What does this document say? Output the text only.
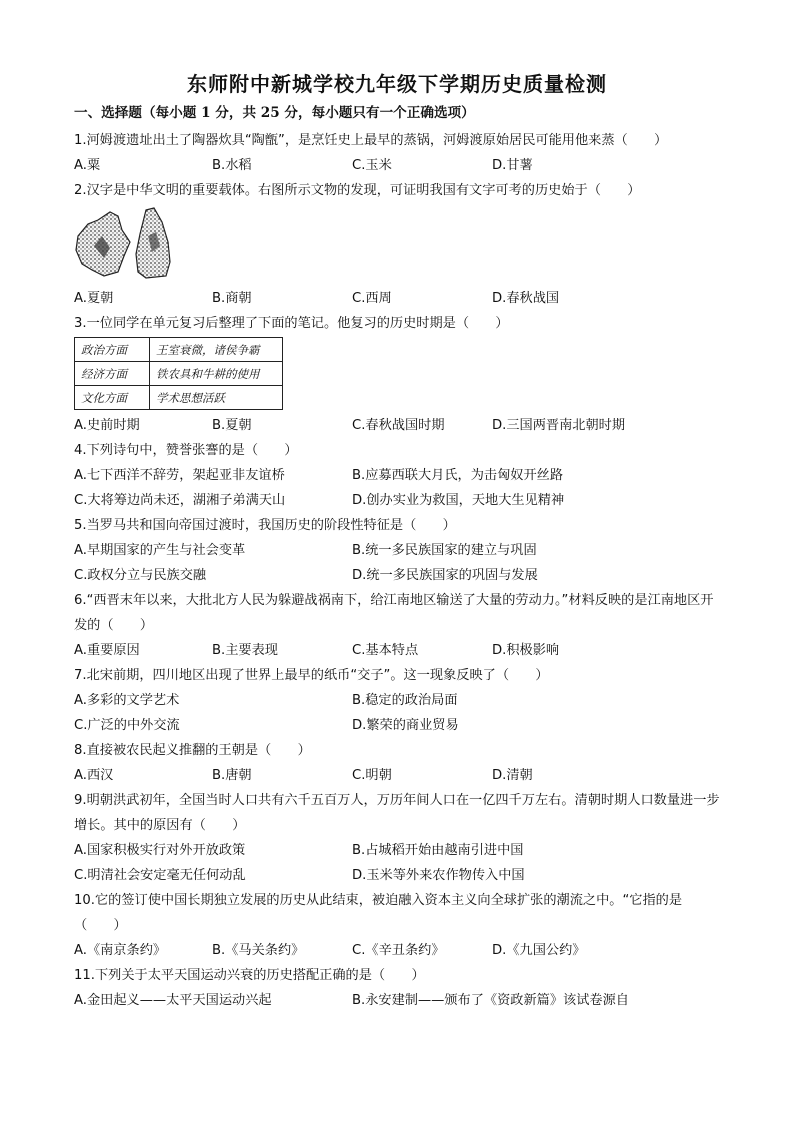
东师附中新城学校九年级下学期历史质量检测
一、选择题（每小题 1 分，共 25 分，每小题只有一个正确选项）
1.河姆渡遗址出土了陶器炊具“陶甑”，是烹饪史上最早的蒸锅，河姆渡原始居民可能用他来蒸（　　）
A.粟	B.水稻	C.玉米	D.甘薯
2.汉字是中华文明的重要载体。右图所示文物的发现，可证明我国有文字可考的历史始于（　　）
A.夏朝	B.商朝	C.西周	D.春秋战国
3.一位同学在单元复习后整理了下面的笔记。他复习的历史时期是（　　）
政治方面	王室衰微，诸侯争霸
经济方面	铁农具和牛耕的使用
文化方面	学术思想活跃
A.史前时期	B.夏朝	C.春秋战国时期	D.三国两晋南北朝时期
4.下列诗句中，赞誉张謇的是（　　）
A.七下西洋不辞劳，架起亚非友谊桥	B.应募西联大月氏，为击匈奴开丝路
C.大将筹边尚未还，湖湘子弟满天山	D.创办实业为救国，天地大生见精神
5.当罗马共和国向帝国过渡时，我国历史的阶段性特征是（　　）
A.早期国家的产生与社会变革	B.统一多民族国家的建立与巩固
C.政权分立与民族交融	D.统一多民族国家的巩固与发展
6.“西晋末年以来，大批北方人民为躲避战祸南下，给江南地区输送了大量的劳动力。”材料反映的是江南地区开发的（　　）
A.重要原因	B.主要表现	C.基本特点	D.积极影响
7.北宋前期，四川地区出现了世界上最早的纸币“交子”。这一现象反映了（　　）
A.多彩的文学艺术	B.稳定的政治局面
C.广泛的中外交流	D.繁荣的商业贸易
8.直接被农民起义推翻的王朝是（　　）
A.西汉	B.唐朝	C.明朝	D.清朝
9.明朝洪武初年，全国当时人口共有六千五百万人，万历年间人口在一亿四千万左右。清朝时期人口数量进一步增长。其中的原因有（　　）
A.国家积极实行对外开放政策	B.占城稻开始由越南引进中国
C.明清社会安定毫无任何动乱	D.玉米等外来农作物传入中国
10.它的签订使中国长期独立发展的历史从此结束，被迫融入资本主义向全球扩张的潮流之中。“它指的是（　　）
A.《南京条约》	B.《马关条约》	C.《辛丑条约》	D.《九国公约》
11.下列关于太平天国运动兴衰的历史搭配正确的是（　　）
A.金田起义——太平天国运动兴起	B.永安建制——颁布了《资政新篇》该试卷源自
